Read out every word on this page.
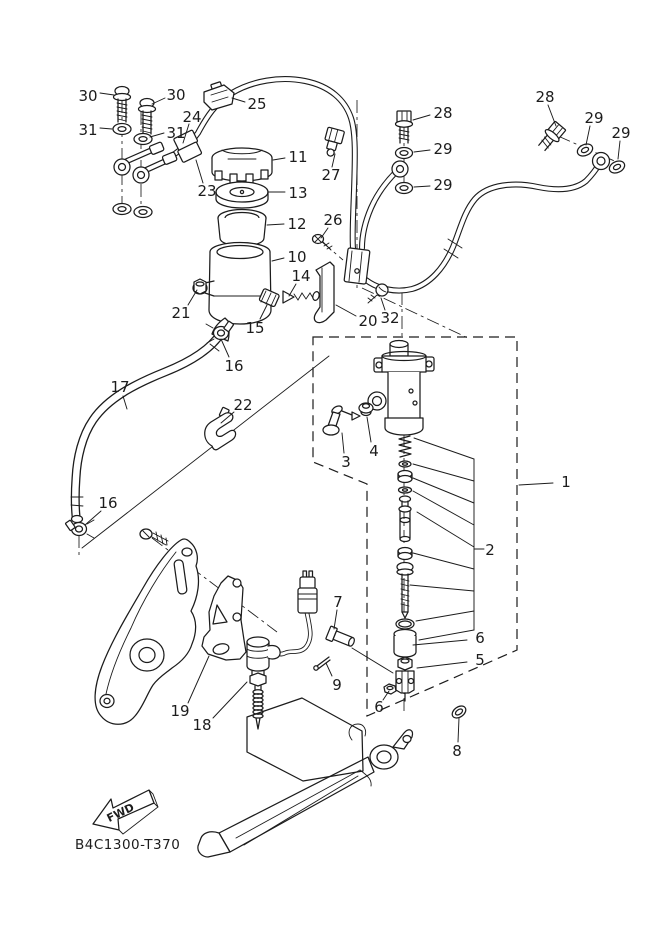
30	30	25
24
31	31
28
29
29
28
29
29
11
27
23	13
12 26
10
14
21
15	20 32
16
17
22
3
4
1
2
16
7
6
5
9
6
19
18
8
FWD
B4C1300-T370
